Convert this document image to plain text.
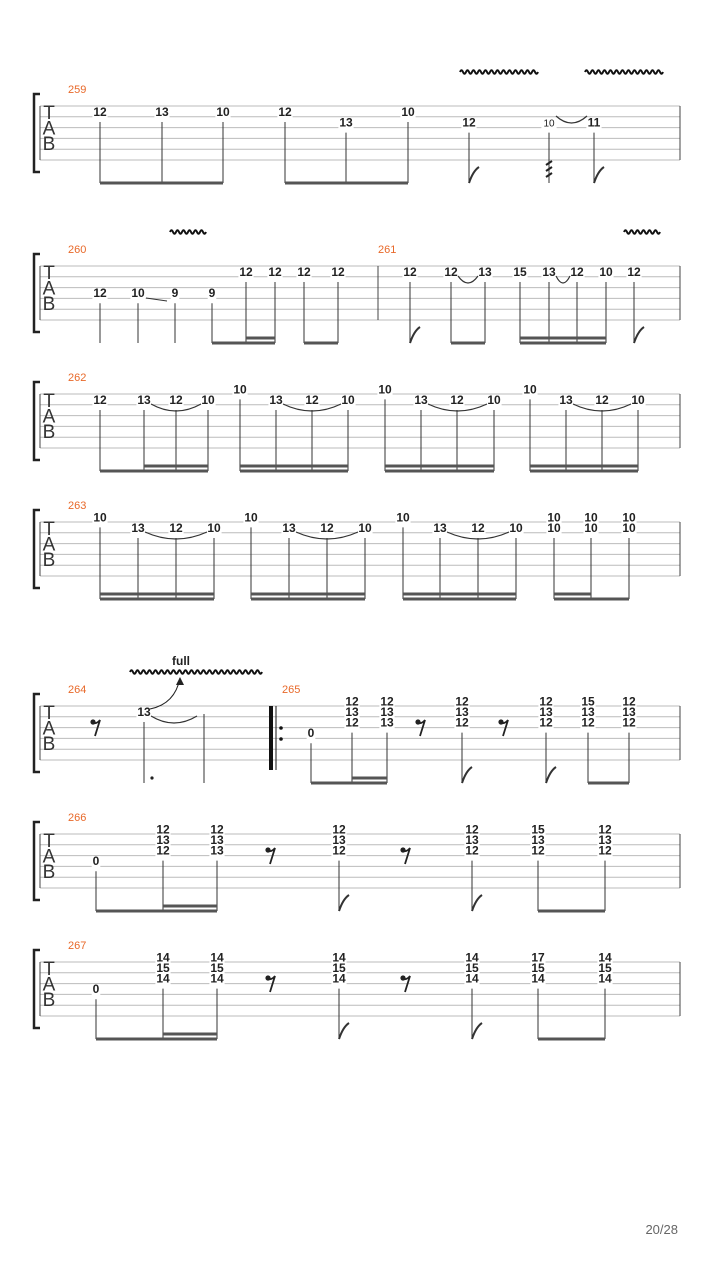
T
A
B
259
12	13	10	12
13
10
12	10	11
T
A
B
260
12 10 9	9
12 12 12 12
261
12 12 13 15 13 12 10 12
T
A
B
262
12	13 12 10
10
13 12 10
10
13 12 10
10
13 12 10
T
A
B
263
10
13 12 10
10
13 12 10
10
13 12 10
10
10
10
10
10
10
T
A
B
264
13
265
0
12
13
12
12
13
13
12
13
12
12
13
12
15
13
12
12
13
12
full
T
A
B
266
0
12
13
12
12
13
13
12
13
12
12
13
12
15
13
12
12
13
12
T
A
B
267
0
14
15
14
14
15
14
14
15
14
14
15
14
17
15
14
14
15
14
20/28
